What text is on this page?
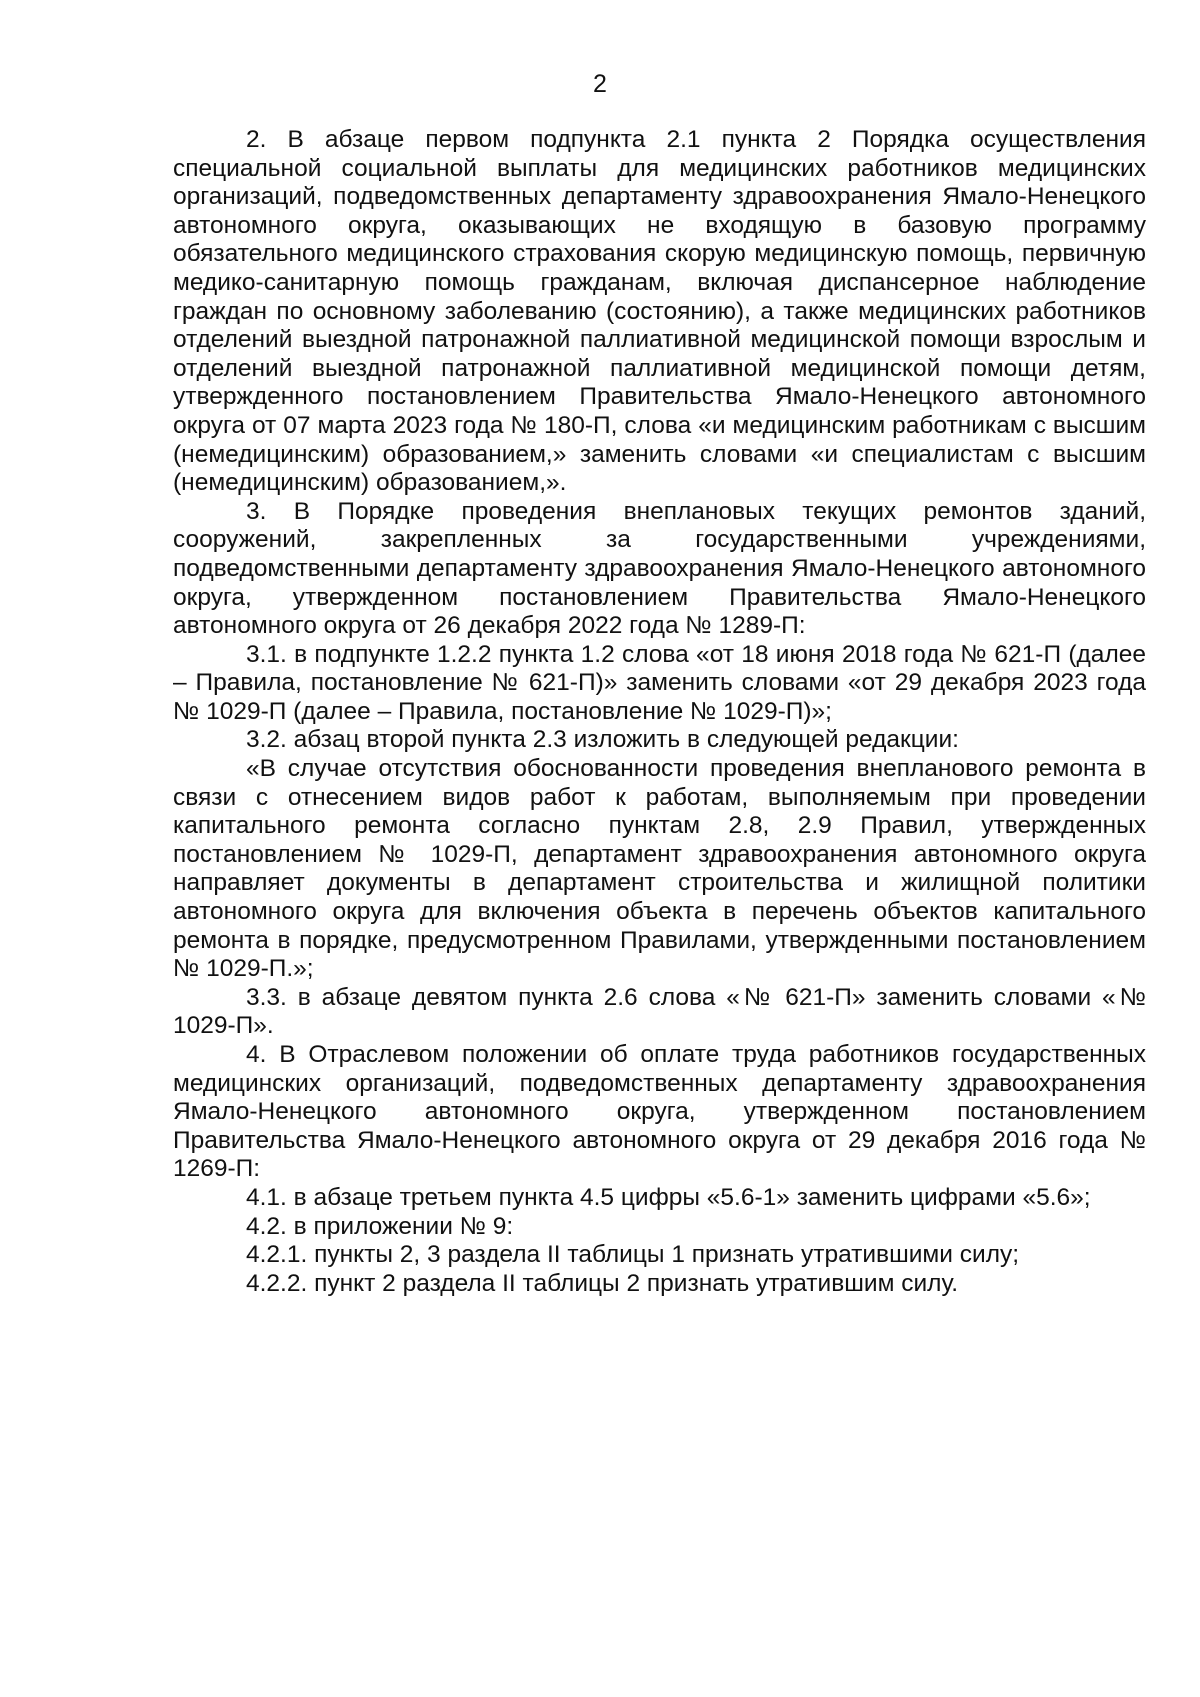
2

2. В абзаце первом подпункта 2.1 пункта 2 Порядка осуществления специальной социальной выплаты для медицинских работников медицинских организаций, подведомственных департаменту здравоохранения Ямало-Ненецкого автономного округа, оказывающих не входящую в базовую программу обязательного медицинского страхования скорую медицинскую помощь, первичную медико-санитарную помощь гражданам, включая диспансерное наблюдение граждан по основному заболеванию (состоянию), а также медицинских работников отделений выездной патронажной паллиативной медицинской помощи взрослым и отделений выездной патронажной паллиативной медицинской помощи детям, утвержденного постановлением Правительства Ямало-Ненецкого автономного округа от 07 марта 2023 года № 180-П, слова «и медицинским работникам с высшим (немедицинским) образованием,» заменить словами «и специалистам с высшим (немедицинским) образованием,».

3. В Порядке проведения внеплановых текущих ремонтов зданий, сооружений, закрепленных за государственными учреждениями, подведомственными департаменту здравоохранения Ямало-Ненецкого автономного округа, утвержденном постановлением Правительства Ямало-Ненецкого автономного округа от 26 декабря 2022 года № 1289-П:

3.1. в подпункте 1.2.2 пункта 1.2 слова «от 18 июня 2018 года № 621-П (далее – Правила, постановление № 621-П)» заменить словами «от 29 декабря 2023 года № 1029-П (далее – Правила, постановление № 1029-П)»;

3.2. абзац второй пункта 2.3 изложить в следующей редакции:

«В случае отсутствия обоснованности проведения внепланового ремонта в связи с отнесением видов работ к работам, выполняемым при проведении капитального ремонта согласно пунктам 2.8, 2.9 Правил, утвержденных постановлением № 1029-П, департамент здравоохранения автономного округа направляет документы в департамент строительства и жилищной политики автономного округа для включения объекта в перечень объектов капитального ремонта в порядке, предусмотренном Правилами, утвержденными постановлением № 1029-П.»;

3.3. в абзаце девятом пункта 2.6 слова «№ 621-П» заменить словами «№ 1029-П».

4. В Отраслевом положении об оплате труда работников государственных медицинских организаций, подведомственных департаменту здравоохранения Ямало-Ненецкого автономного округа, утвержденном постановлением Правительства Ямало-Ненецкого автономного округа от 29 декабря 2016 года № 1269-П:

4.1. в абзаце третьем пункта 4.5 цифры «5.6-1» заменить цифрами «5.6»;

4.2. в приложении № 9:

4.2.1. пункты 2, 3 раздела II таблицы 1 признать утратившими силу;

4.2.2. пункт 2 раздела II таблицы 2 признать утратившим силу.
